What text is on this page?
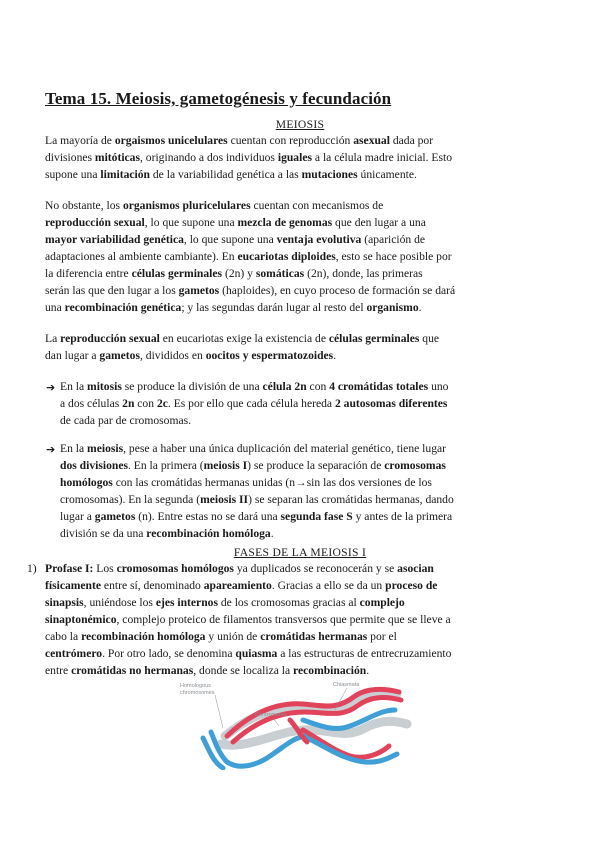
Tema 15. Meiosis, gametogénesis y fecundación
MEIOSIS
La mayoría de orgaismos unicelulares cuentan con reproducción asexual dada por
divisiones mitóticas, originando a dos individuos iguales a la célula madre inicial. Esto
supone una limitación de la variabilidad genética a las mutaciones únicamente.
No obstante, los organismos pluricelulares cuentan con mecanismos de
reproducción sexual, lo que supone una mezcla de genomas que den lugar a una
mayor variabilidad genética, lo que supone una ventaja evolutiva (aparición de
adaptaciones al ambiente cambiante). En eucariotas diploides, esto se hace posible por
la diferencia entre células germinales (2n) y somáticas (2n), donde, las primeras
serán las que den lugar a los gametos (haploides), en cuyo proceso de formación se dará
una recombinación genética; y las segundas darán lugar al resto del organismo.
La reproducción sexual en eucariotas exige la existencia de células germinales que
dan lugar a gametos, divididos en oocitos y espermatozoides.
➔ En la mitosis se produce la división de una célula 2n con 4 cromátidas totales uno
a dos células 2n con 2c. Es por ello que cada célula hereda 2 autosomas diferentes
de cada par de cromosomas.
➔ En la meiosis, pese a haber una única duplicación del material genético, tiene lugar
dos divisiones. En la primera (meiosis I) se produce la separación de cromosomas
homólogos con las cromátidas hermanas unidas (n→sin las dos versiones de los
cromosomas). En la segunda (meiosis II) se separan las cromátidas hermanas, dando
lugar a gametos (n). Entre estas no se dará una segunda fase S y antes de la primera
división se da una recombinación homóloga.
FASES DE LA MEIOSIS I
1) Profase I: Los cromosomas homólogos ya duplicados se reconocerán y se asocian
físicamente entre sí, denominado apareamiento. Gracias a ello se da un proceso de
sinapsis, uniéndose los ejes internos de los cromosomas gracias al complejo
sinaptonémico, complejo proteico de filamentos transversos que permite que se lleve a
cabo la recombinación homóloga y unión de cromátidas hermanas por el
centrómero. Por otro lado, se denomina quiasma a las estructuras de entrecruzamiento
entre cromátidas no hermanas, donde se localiza la recombinación.
Homologous
chromosomes
Chiasmata
Centromeres
